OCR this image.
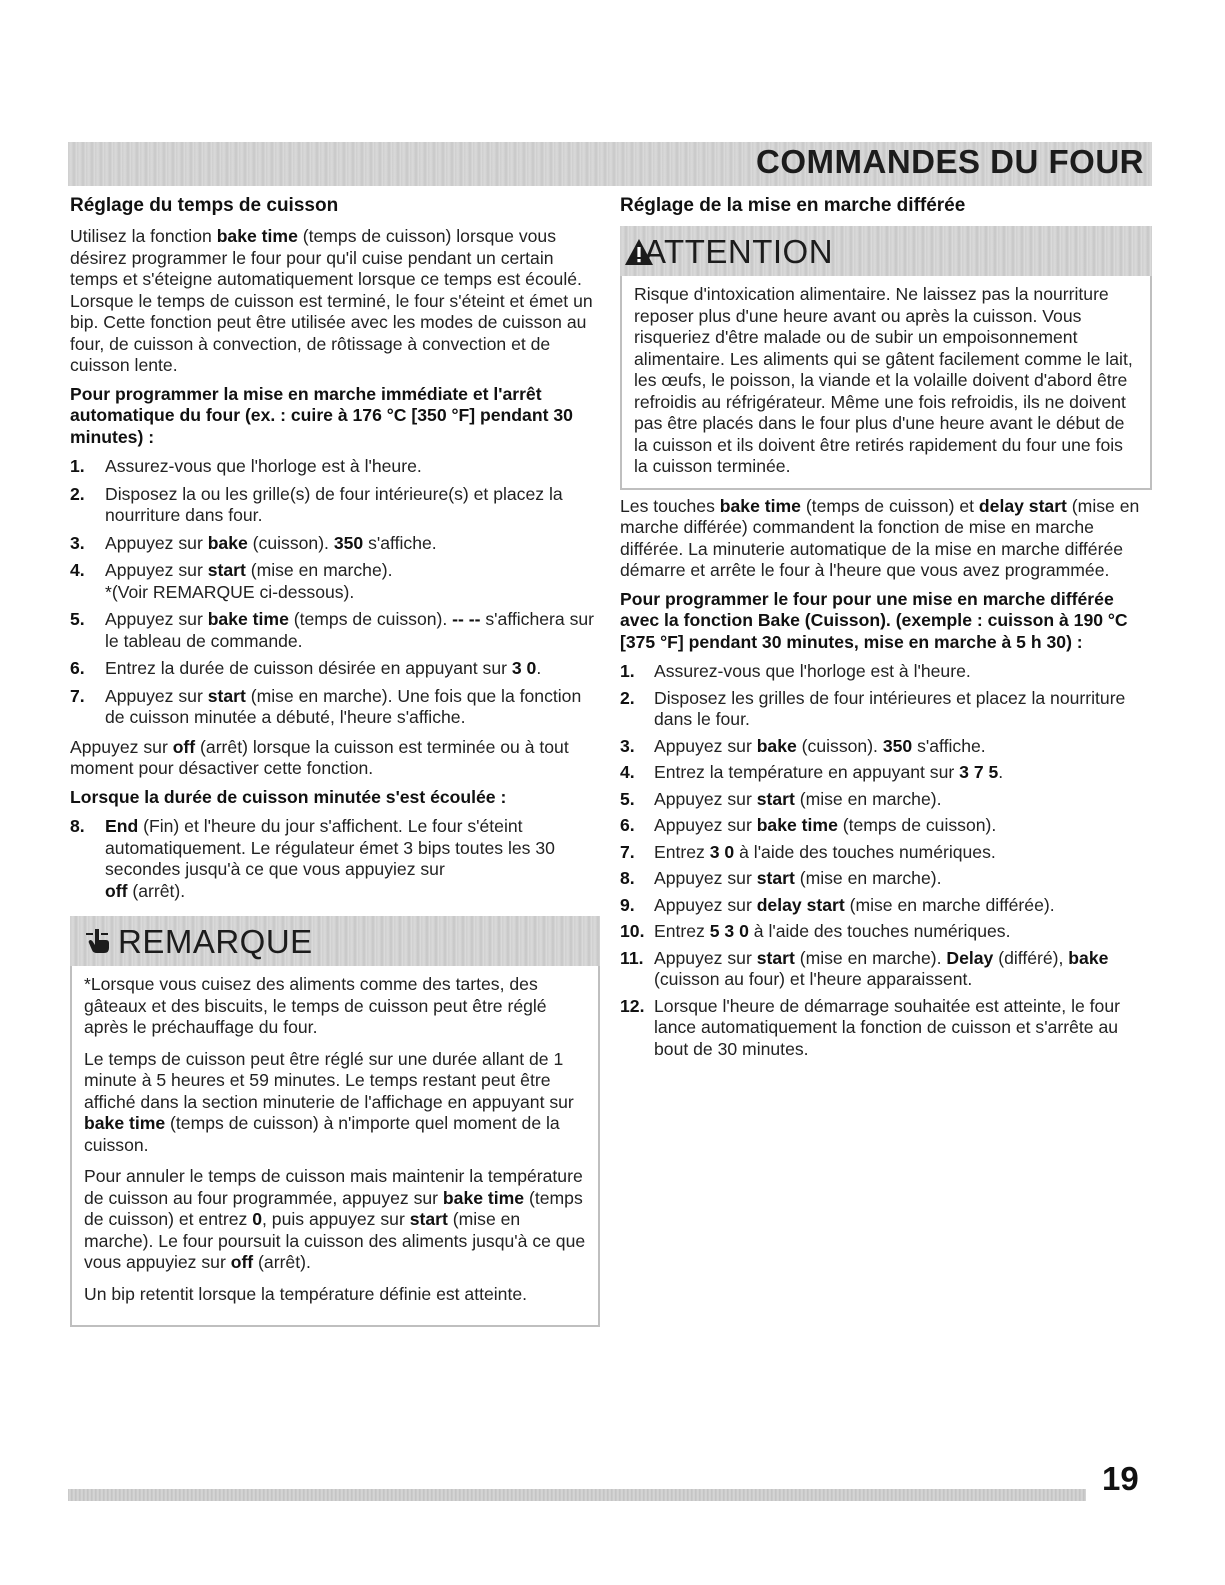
COMMANDES DU FOUR
Réglage du temps de cuisson
Utilisez la fonction bake time (temps de cuisson) lorsque vous désirez programmer le four pour qu'il cuise pendant un certain temps et s'éteigne automatiquement lorsque ce temps est écoulé. Lorsque le temps de cuisson est terminé, le four s'éteint et émet un bip. Cette fonction peut être utilisée avec les modes de cuisson au four, de cuisson à convection, de rôtissage à convection et de cuisson lente.
Pour programmer la mise en marche immédiate et l'arrêt automatique du four (ex. : cuire à 176 °C [350 °F] pendant 30 minutes) :
1. Assurez-vous que l'horloge est à l'heure.
2. Disposez la ou les grille(s) de four intérieure(s) et placez la nourriture dans four.
3. Appuyez sur bake (cuisson). 350 s'affiche.
4. Appuyez sur start (mise en marche).
*(Voir REMARQUE ci-dessous).
5. Appuyez sur bake time (temps de cuisson). -- -- s'affichera sur le tableau de commande.
6. Entrez la durée de cuisson désirée en appuyant sur 3 0.
7. Appuyez sur start (mise en marche). Une fois que la fonction de cuisson minutée a débuté, l'heure s'affiche.
Appuyez sur off (arrêt) lorsque la cuisson est terminée ou à tout moment pour désactiver cette fonction.
Lorsque la durée de cuisson minutée s'est écoulée :
8. End (Fin) et l'heure du jour s'affichent. Le four s'éteint automatiquement. Le régulateur émet 3 bips toutes les 30 secondes jusqu'à ce que vous appuyiez sur
off (arrêt).
REMARQUE
*Lorsque vous cuisez des aliments comme des tartes, des gâteaux et des biscuits, le temps de cuisson peut être réglé après le préchauffage du four.
Le temps de cuisson peut être réglé sur une durée allant de 1 minute à 5 heures et 59 minutes. Le temps restant peut être affiché dans la section minuterie de l'affichage en appuyant sur bake time (temps de cuisson) à n'importe quel moment de la cuisson.
Pour annuler le temps de cuisson mais maintenir la température de cuisson au four programmée, appuyez sur bake time (temps de cuisson) et entrez 0, puis appuyez sur start (mise en marche). Le four poursuit la cuisson des aliments jusqu'à ce que vous appuyiez sur off (arrêt).
Un bip retentit lorsque la température définie est atteinte.
Réglage de la mise en marche différée
ATTENTION
Risque d'intoxication alimentaire. Ne laissez pas la nourriture reposer plus d'une heure avant ou après la cuisson. Vous risqueriez d'être malade ou de subir un empoisonnement alimentaire. Les aliments qui se gâtent facilement comme le lait, les œufs, le poisson, la viande et la volaille doivent d'abord être refroidis au réfrigérateur. Même une fois refroidis, ils ne doivent pas être placés dans le four plus d'une heure avant le début de la cuisson et ils doivent être retirés rapidement du four une fois la cuisson terminée.
Les touches bake time (temps de cuisson) et delay start (mise en marche différée) commandent la fonction de mise en marche différée. La minuterie automatique de la mise en marche différée démarre et arrête le four à l'heure que vous avez programmée.
Pour programmer le four pour une mise en marche différée avec la fonction Bake (Cuisson). (exemple : cuisson à 190 °C [375 °F] pendant 30 minutes, mise en marche à 5 h 30) :
1. Assurez-vous que l'horloge est à l'heure.
2. Disposez les grilles de four intérieures et placez la nourriture dans le four.
3. Appuyez sur bake (cuisson). 350 s'affiche.
4. Entrez la température en appuyant sur 3 7 5.
5. Appuyez sur start (mise en marche).
6. Appuyez sur bake time (temps de cuisson).
7. Entrez 3 0 à l'aide des touches numériques.
8. Appuyez sur start (mise en marche).
9. Appuyez sur delay start (mise en marche différée).
10. Entrez 5 3 0 à l'aide des touches numériques.
11. Appuyez sur start (mise en marche). Delay (différé), bake (cuisson au four) et l'heure apparaissent.
12. Lorsque l'heure de démarrage souhaitée est atteinte, le four lance automatiquement la fonction de cuisson et s'arrête au bout de 30 minutes.
19
